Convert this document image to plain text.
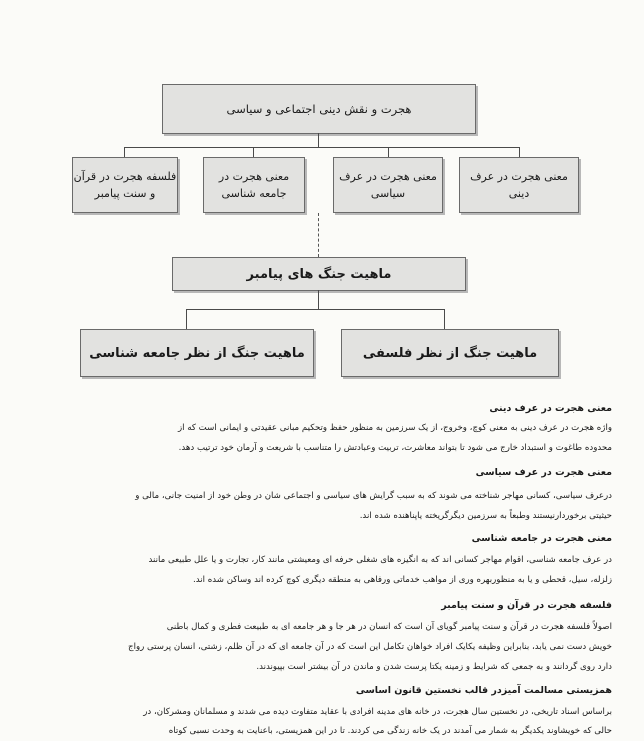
هجرت و نقش دینی اجتماعی و سیاسی
فلسفه هجرت در قرآن و سنت پیامبر
معنی هجرت در جامعه شناسی
معنی هجرت در عرف سیاسی
معنی هجرت در عرف دینی
ماهیت جنگ های پیامبر
ماهیت جنگ از نظر فلسفی
ماهیت جنگ از نظر جامعه شناسی
معنی هجرت در عرف دینی
واژه هجرت در عرف دینی به معنی کوچ، وخروج، از یک سرزمین به منظور حفظ وتحکیم مبانی عقیدتی و ایمانی است که از
محدوده طاغوت و استبداد خارج می شود تا بتواند معاشرت، تربیت وعبادتش را متناسب با شریعت و آرمان خود ترتیب دهد.
معنی هجرت در عرف سیاسی
درعرف سیاسی، کسانی مهاجر شناخته می شوند که به سبب گرایش های سیاسی و اجتماعی شان در وطن خود از امنیت جانی، مالی و
حیثیتی برخوردارنیستند وطبعاً به سرزمین دیگرگریخته یاپناهنده شده اند.
معنی هجرت در جامعه شناسی
در عرف جامعه شناسی، اقوام مهاجر کسانی اند که به انگیزه های شغلی حرفه ای ومعیشتی مانند کار، تجارت و یا علل طبیعی مانند
زلزله، سیل، قحطی و یا به منظوربهره وری از مواهب خدماتی ورفاهی به منطقه دیگری کوچ کرده اند وساکن شده اند.
فلسفه هجرت در قرآن و سنت پیامبر
اصولاً فلسفه هجرت در قرآن و سنت پیامبر گویای آن است که انسان در هر جا و هر جامعه ای به طبیعت فطری و کمال باطنی
خویش دست نمی یابد، بنابراین وظیفه یکایک افراد خواهان تکامل این است که در آن جامعه ای که در آن ظلم، زشتی، انسان پرستی رواج
دارد روی گردانند و به جمعی که شرایط و زمینه یکتا پرست شدن و ماندن در آن بیشتر است بپیوندند.
همزیستی مسالمت آمیزدر قالب نخستین قانون اساسی
براساس اسناد تاریخی، در نخستین سال هجرت، در خانه های مدینه افرادی با عقاید متفاوت دیده می شدند و مسلمانان ومشرکان، در
حالی که خویشاوند یکدیگر به شمار می آمدند در یک خانه زندگی می کردند. تا در این همزیستی، باعنایت به وحدت نسبی کوتاه
